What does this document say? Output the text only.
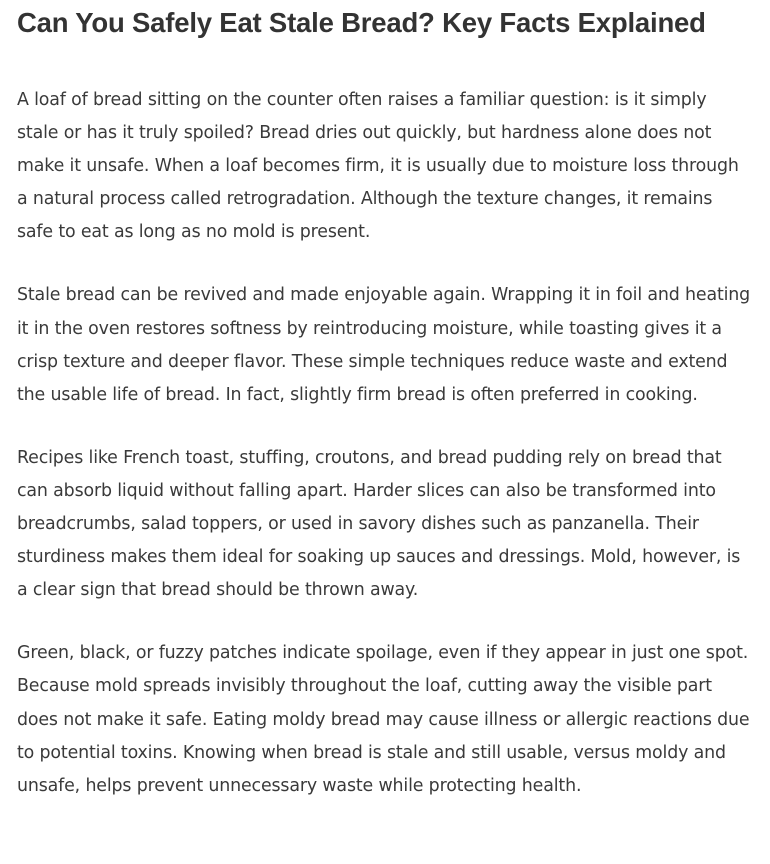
Can You Safely Eat Stale Bread? Key Facts Explained

A loaf of bread sitting on the counter often raises a familiar question: is it simply stale or has it truly spoiled? Bread dries out quickly, but hardness alone does not make it unsafe. When a loaf becomes firm, it is usually due to moisture loss through a natural process called retrogradation. Although the texture changes, it remains safe to eat as long as no mold is present.

Stale bread can be revived and made enjoyable again. Wrapping it in foil and heating it in the oven restores softness by reintroducing moisture, while toasting gives it a crisp texture and deeper flavor. These simple techniques reduce waste and extend the usable life of bread. In fact, slightly firm bread is often preferred in cooking.

Recipes like French toast, stuffing, croutons, and bread pudding rely on bread that can absorb liquid without falling apart. Harder slices can also be transformed into breadcrumbs, salad toppers, or used in savory dishes such as panzanella. Their sturdiness makes them ideal for soaking up sauces and dressings. Mold, however, is a clear sign that bread should be thrown away.

Green, black, or fuzzy patches indicate spoilage, even if they appear in just one spot. Because mold spreads invisibly throughout the loaf, cutting away the visible part does not make it safe. Eating moldy bread may cause illness or allergic reactions due to potential toxins. Knowing when bread is stale and still usable, versus moldy and unsafe, helps prevent unnecessary waste while protecting health.
